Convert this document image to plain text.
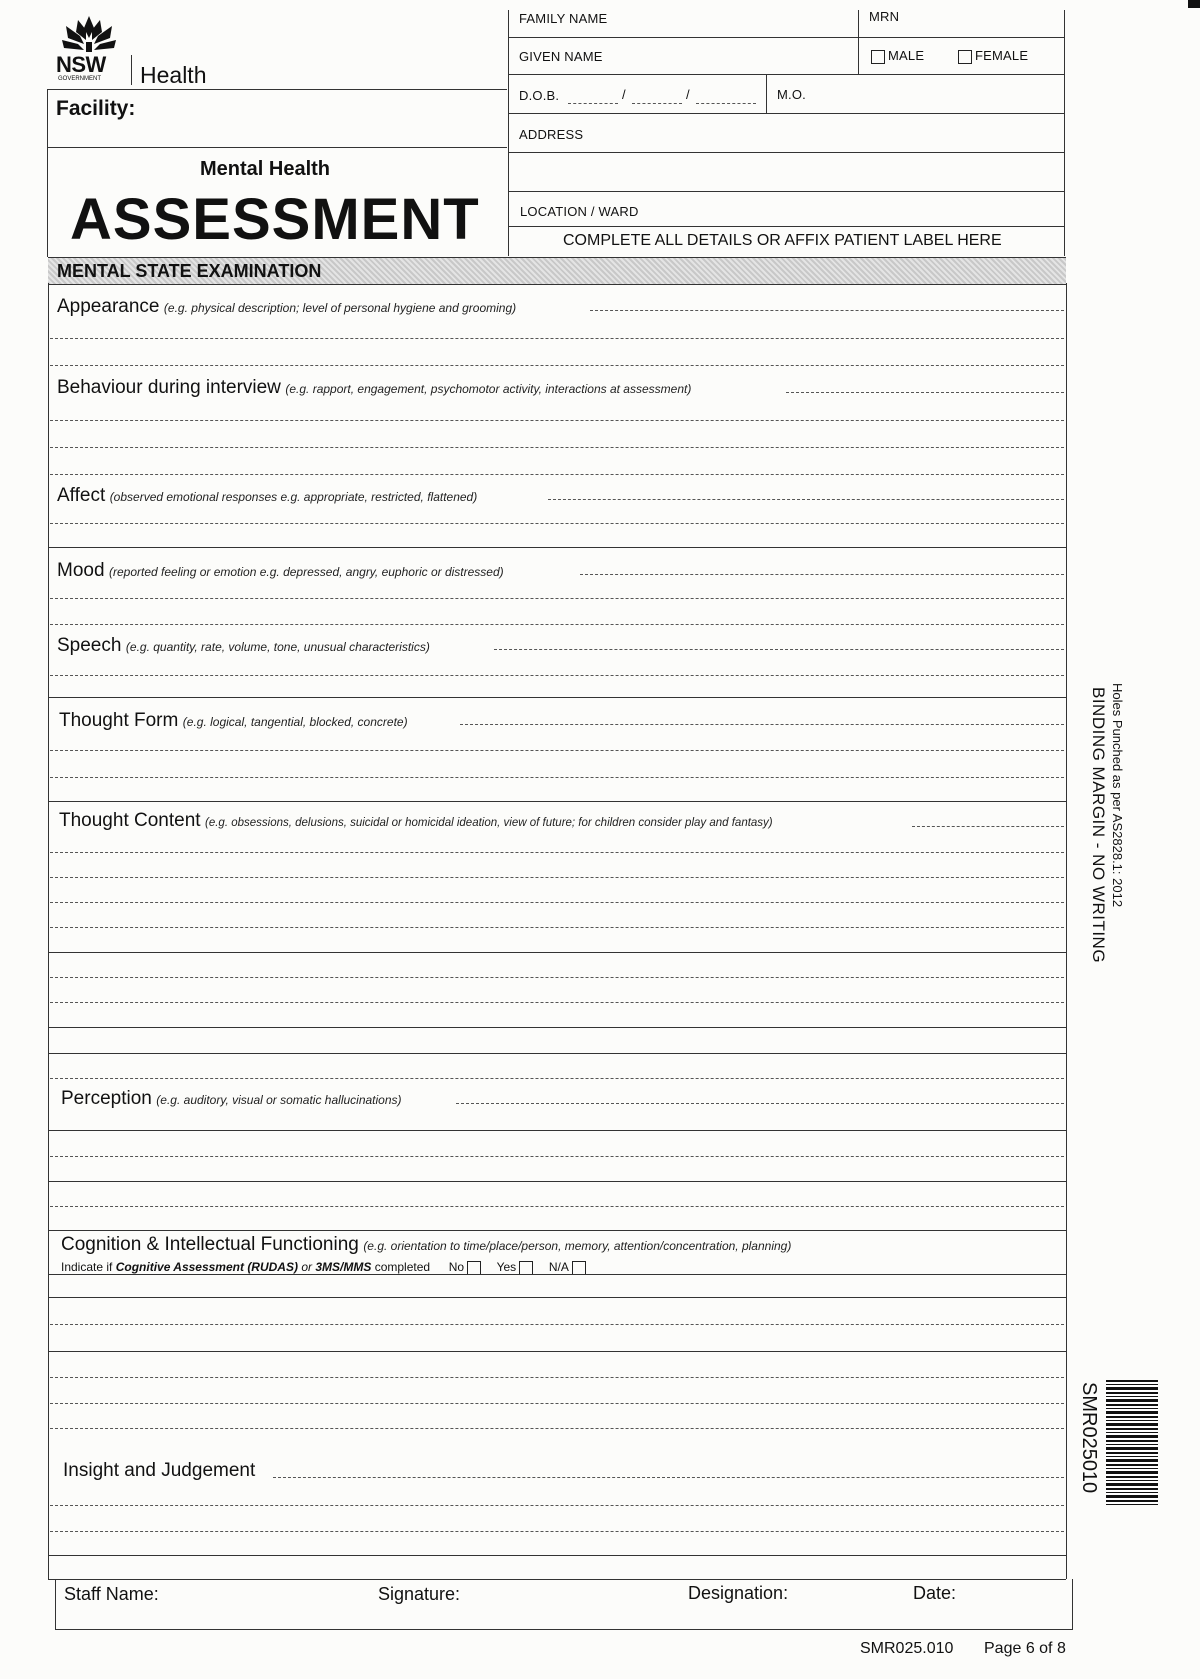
NSW
GOVERNMENT Health
Facility:
Mental Health
ASSESSMENT
FAMILY NAME	MRN
GIVEN NAME	MALE	FEMALE
D.O.B.	/	/	M.O.
ADDRESS
LOCATION / WARD
COMPLETE ALL DETAILS OR AFFIX PATIENT LABEL HERE
MENTAL STATE EXAMINATION
Appearance (e.g. physical description; level of personal hygiene and grooming)
Behaviour during interview (e.g. rapport, engagement, psychomotor activity, interactions at assessment)
Affect (observed emotional responses e.g. appropriate, restricted, flattened)
Mood (reported feeling or emotion e.g. depressed, angry, euphoric or distressed)
Speech (e.g. quantity, rate, volume, tone, unusual characteristics)
Thought Form (e.g. logical, tangential, blocked, concrete)
Thought Content (e.g. obsessions, delusions, suicidal or homicidal ideation, view of future; for children consider play and fantasy)
Perception (e.g. auditory, visual or somatic hallucinations)
Cognition & Intellectual Functioning (e.g. orientation to time/place/person, memory, attention/concentration, planning)
Indicate if Cognitive Assessment (RUDAS) or 3MS/MMS completed No	Yes	N/A
Insight and Judgement
Staff Name:	Signature:	Designation:	Date:
SMR025.010 Page 6 of 8
Holes Punched as per AS2828.1: 2012
BINDING MARGIN - NO WRITING
SMR025010
